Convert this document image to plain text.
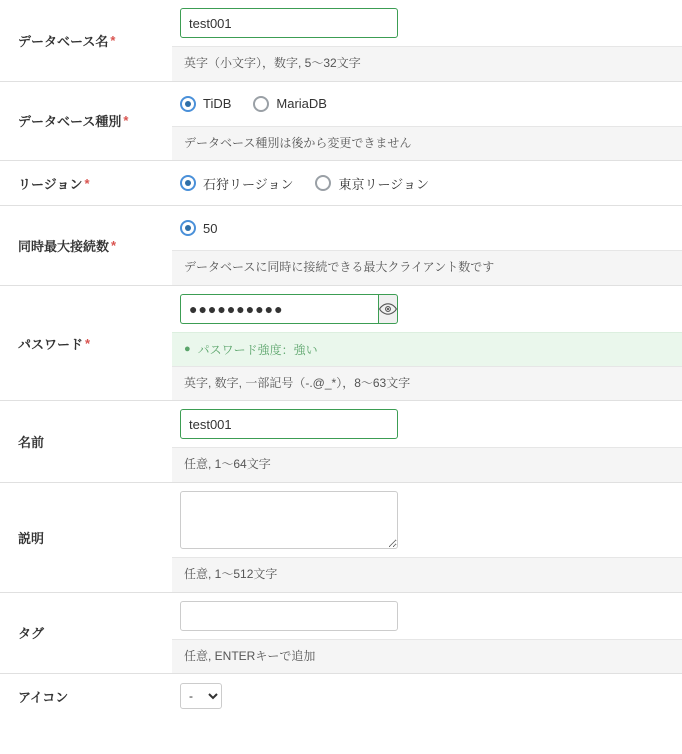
データベース名 *
test001
英字（小文字），数字, 5〜32文字
データベース種別 *
TiDB	MariaDB
データベース種別は後から変更できません
リージョン *	石狩リージョン	東京リージョン
同時最大接続数 *
50
データベースに同時に接続できる最大クライアント数です
パスワード *
●●●●●●●●●●	● パスワード強度：強い
英字, 数字, 一部記号（-.@_*），8〜63文字
名前
test001
任意, 1〜64文字
説明
任意, 1〜512文字
タグ
任意, ENTERキーで追加
アイコン
-
